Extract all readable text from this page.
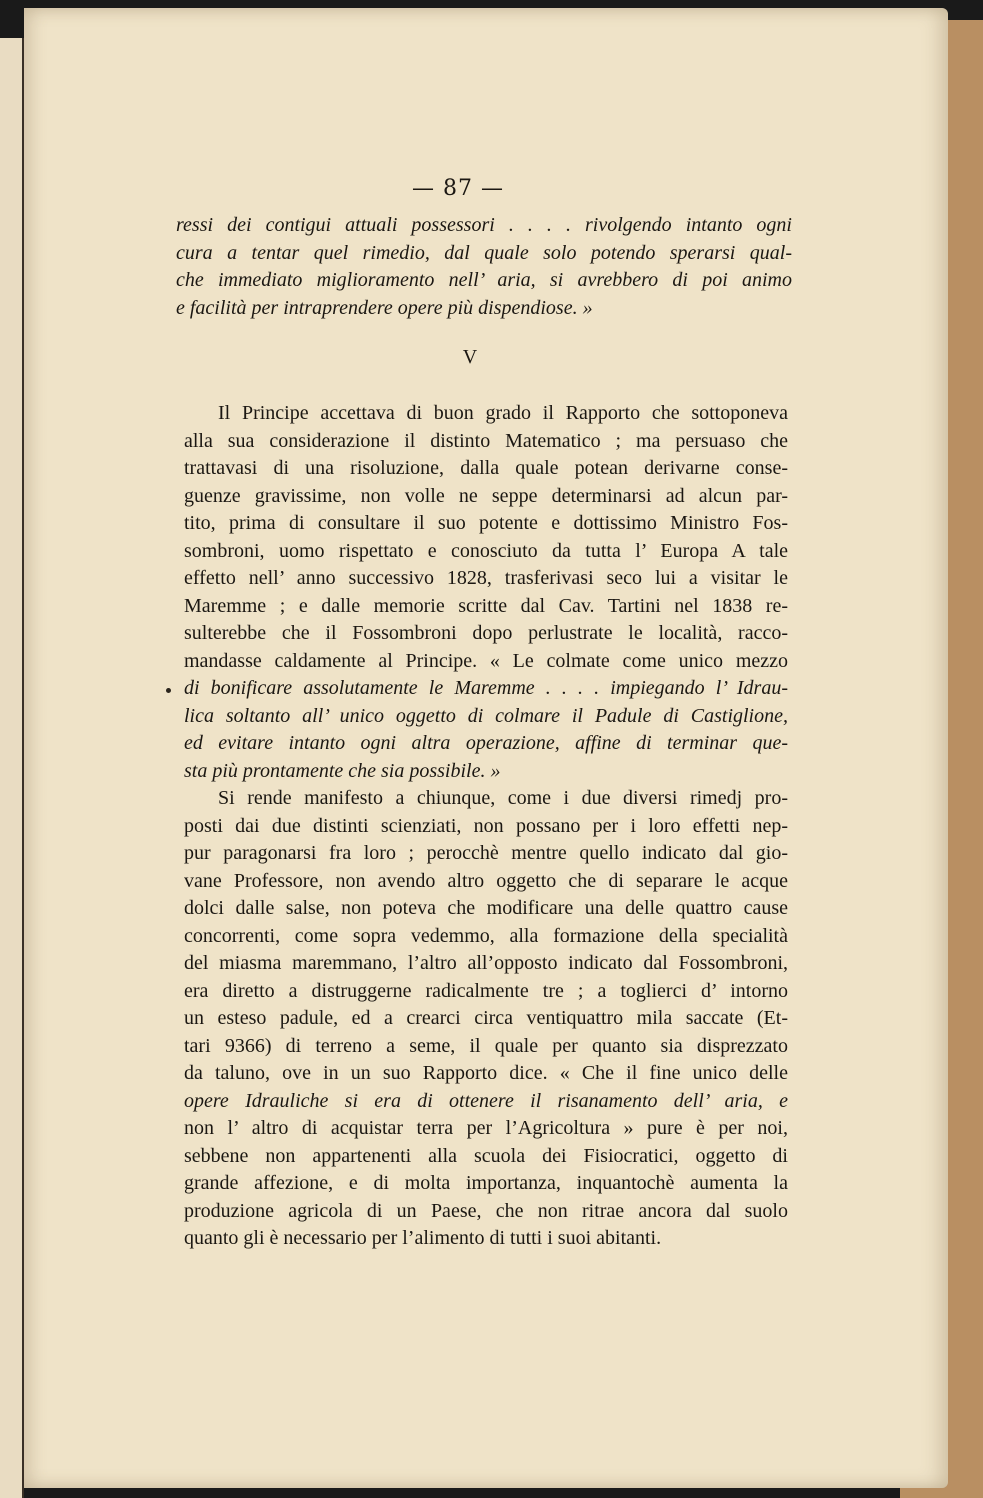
— 87 —
ressi dei contigui attuali possessori . . . . rivolgendo intanto ogni
cura a tentar quel rimedio, dal quale solo potendo sperarsi qual-
che immediato miglioramento nell’ aria, si avrebbero di poi animo
e facilità per intraprendere opere più dispendiose. »
V
Il Principe accettava di buon grado il Rapporto che sottoponeva
alla sua considerazione il distinto Matematico ; ma persuaso che
trattavasi di una risoluzione, dalla quale potean derivarne conse-
guenze gravissime, non volle ne seppe determinarsi ad alcun par-
tito, prima di consultare il suo potente e dottissimo Ministro Fos-
sombroni, uomo rispettato e conosciuto da tutta l’ Europa A tale
effetto nell’ anno successivo 1828, trasferivasi seco lui a visitar le
Maremme ; e dalle memorie scritte dal Cav. Tartini nel 1838 re-
sulterebbe che il Fossombroni dopo perlustrate le località, racco-
mandasse caldamente al Principe. « Le colmate come unico mezzo
di bonificare assolutamente le Maremme . . . . impiegando l’ Idrau-
lica soltanto all’ unico oggetto di colmare il Padule di Castiglione,
ed evitare intanto ogni altra operazione, affine di terminar que-
sta più prontamente che sia possibile. »
Si rende manifesto a chiunque, come i due diversi rimedj pro-
posti dai due distinti scienziati, non possano per i loro effetti nep-
pur paragonarsi fra loro ; perocchè mentre quello indicato dal gio-
vane Professore, non avendo altro oggetto che di separare le acque
dolci dalle salse, non poteva che modificare una delle quattro cause
concorrenti, come sopra vedemmo, alla formazione della specialità
del miasma maremmano, l’altro all’opposto indicato dal Fossombroni,
era diretto a distruggerne radicalmente tre ; a toglierci d’ intorno
un esteso padule, ed a crearci circa ventiquattro mila saccate (Et-
tari 9366) di terreno a seme, il quale per quanto sia disprezzato
da taluno, ove in un suo Rapporto dice. « Che il fine unico delle
opere Idrauliche si era di ottenere il risanamento dell’ aria, e
non l’ altro di acquistar terra per l’Agricoltura » pure è per noi,
sebbene non appartenenti alla scuola dei Fisiocratici, oggetto di
grande affezione, e di molta importanza, inquantochè aumenta la
produzione agricola di un Paese, che non ritrae ancora dal suolo
quanto gli è necessario per l’alimento di tutti i suoi abitanti.
